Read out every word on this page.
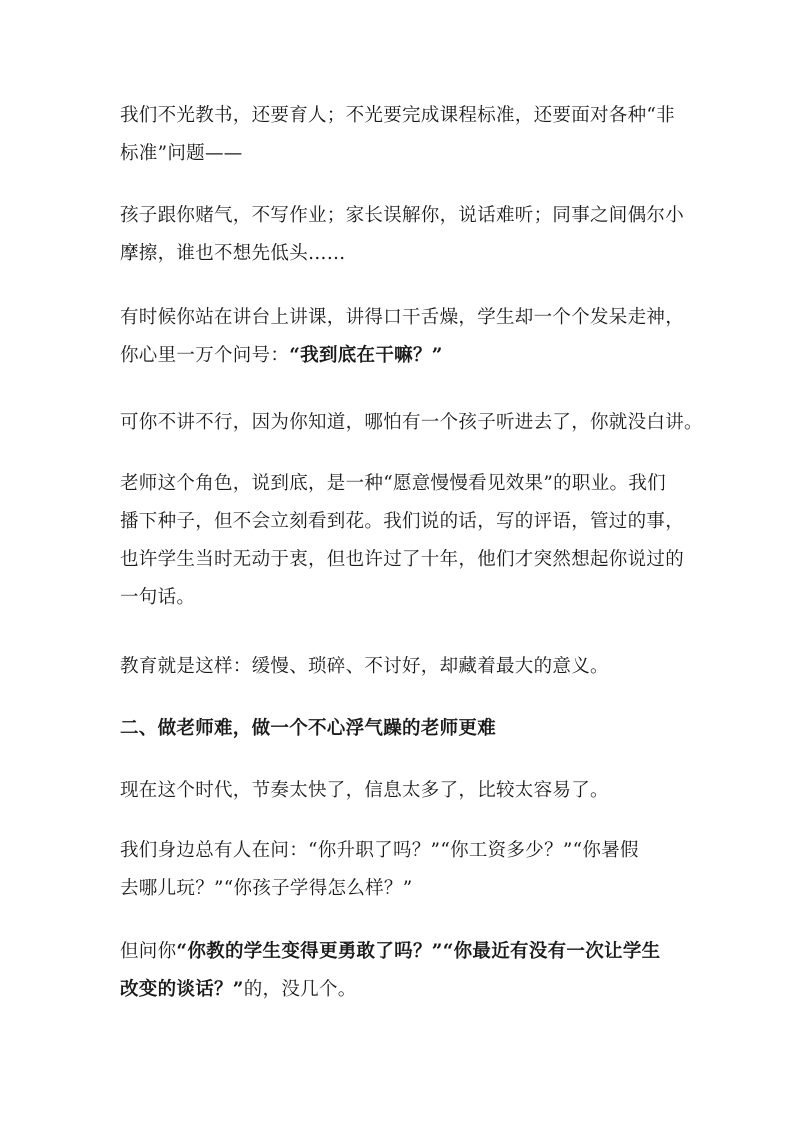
我们不光教书，还要育人；不光要完成课程标准，还要面对各种“非
标准”问题——

孩子跟你赌气，不写作业；家长误解你，说话难听；同事之间偶尔小
摩擦，谁也不想先低头……

有时候你站在讲台上讲课，讲得口干舌燥，学生却一个个发呆走神，
你心里一万个问号：“我到底在干嘛？”

可你不讲不行，因为你知道，哪怕有一个孩子听进去了，你就没白讲。

老师这个角色，说到底，是一种“愿意慢慢看见效果”的职业。我们
播下种子，但不会立刻看到花。我们说的话，写的评语，管过的事，
也许学生当时无动于衷，但也许过了十年，他们才突然想起你说过的
一句话。

教育就是这样：缓慢、琐碎、不讨好，却藏着最大的意义。

二、做老师难，做一个不心浮气躁的老师更难

现在这个时代，节奏太快了，信息太多了，比较太容易了。

我们身边总有人在问：“你升职了吗？”“你工资多少？”“你暑假
去哪儿玩？”“你孩子学得怎么样？”

但问你“你教的学生变得更勇敢了吗？”“你最近有没有一次让学生
改变的谈话？”的，没几个。
